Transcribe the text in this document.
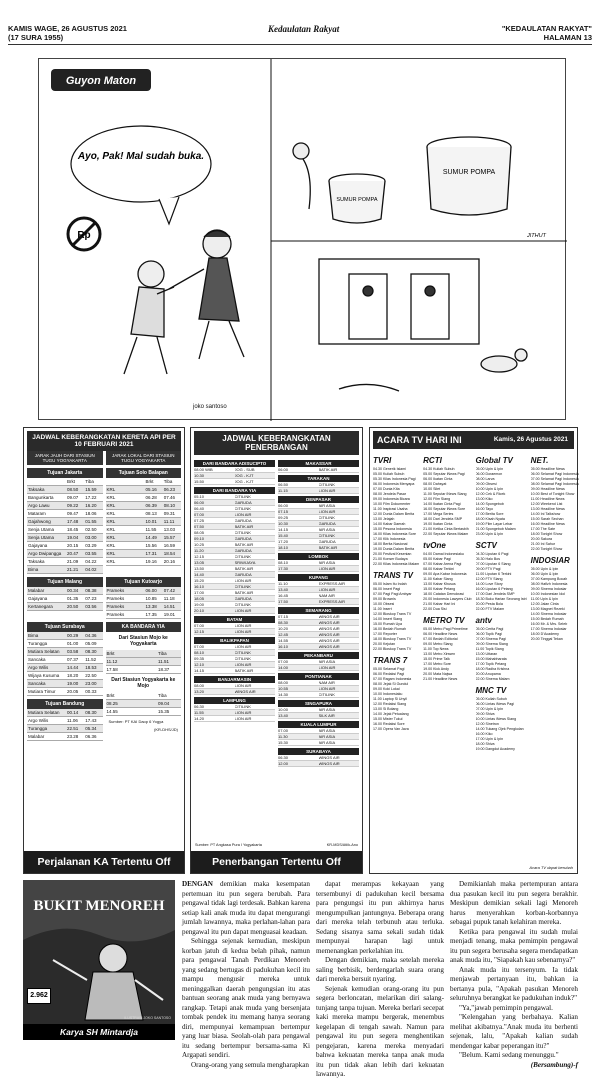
KAMIS WAGE, 26 AGUSTUS 2021
(17 SURA 1955)
Kedaulatan Rakyat	"KEDAULATAN RAKYAT"
HALAMAN 13
Guyon Maton
Ayo, Pak! Mal sudah buka.
Rp
SUMUR POMPA
SUMUR POMPA
JITHUT
joko santoso
JADWAL KEBERANGKATAN KERETA API PER 10 FEBRUARI 2021
JARAK JAUH DARI STASIUN TUGU YOGYAKARTA
JARAK LOKAL DARI STASIUN TUGU YOGYAKARTA
Tujuan Jakarta
Brkt	Tiba
Taksaka	08.50	15.59
Bangunkarta	09.07	17.22
Argo Lawu	09.22	16.20
Mataram	09.47	18.06
Gajahwong	17.48	01.55
Senja Utama	18.45	02.50
Senja Utama	19.04	03.00
Gajayana	20.15	03.29
Argo Dwipangga	20.47	03.55
Taksaka	21.09	04.22
Bima	21.21	04.02
Tujuan Solo Balapan
Brkt	Tiba
KRL	05.16	06.23
KRL	06.28	07.46
KRL	06.39	08.10
KRL	08.13	09.31
KRL	10.01	11.11
KRL	11.55	13.03
KRL	14.49	15.57
KRL	15.56	16.59
KRL	17.31	18.54
KRL	19.16	20.16
Tujuan Malang
Malabar	00.34	08.38
Gajayana	01.35	07.23
Kertanegara	20.50	03.56
Tujuan Kutoarjo
Prameks	06.00	07.42
Prameks	10.85	11.18
Prameks	13.38	14.51
Prameks	17.35	19.01
Tujuan Surabaya
Bima	00.29	04.36
Turangga	01.00	05.09
Mutiara Selatan	03.58	08.30
Sancaka	07.37	11.52
Argo Wilis	14.44	18.53
Wijaya Kusuma	18.20	22.50
Sancaka	19.00	23.00
Mutiara Timur	20.05	00.33
Tujuan Bandung
Mutiara Selatan	00.14	08.30
Argo Wilis	11.06	17.43
Turangga	22.51	05.34
Malabar	23.28	06.36
KA BANDARA YIA
Dari Stasiun Mojo ke Yogyakarta
Brkt	Tiba
11.12	11.51
17.58	18.37
Dari Stasiun Yogyakarta ke Mojo
Brkt	Tiba
08.25	09.04
14.55	15.35
Sumber: PT KAI Daop 6 Yogya
(KR-DHS/JD)
Perjalanan KA Tertentu Off
JADWAL KEBERANGKATAN PENERBANGAN
DARI BANDARA ADISUCIPTO
08.00 WIB	JOG - SUB
10.30	JOG - KJT
15.50	JOG - KJT
DARI BANDARA YIA
05.10	CITILINK
06.00	GARUDA
06.40	CITILINK
07.00	LION AIR
07.25	GARUDA
07.50	BATIK AIR
08.05	CITILINK
09.10	GARUDA
10.25	BATIK AIR
11.20	GARUDA
12.15	CITILINK
13.05	SRIWIJAYA
13.50	BATIK AIR
14.40	GARUDA
15.20	LION AIR
16.10	CITILINK
17.00	BATIK AIR
18.05	GARUDA
19.00	CITILINK
20.10	LION AIR
BATAM
07.00	LION AIR
12.15	LION AIR
BALIKPAPAN
07.00	LION AIR
08.10	CITILINK
09.35	CITILINK
12.10	LION AIR
14.15	BATIK AIR
BANJARMASIN
08.00	LION AIR
13.20	WINGS AIR
LAMPUNG
06.30	CITILINK
11.55	LION AIR
14.20	LION AIR
MAKASSAR
06.00	BATIK AIR
TARAKAN
06.50	CITILINK
11.15	LION AIR
DENPASAR
06.00	AIR ASIA
07.15	LION AIR
09.25	CITILINK
10.30	GARUDA
14.15	AIR ASIA
15.40	CITILINK
17.20	GARUDA
18.10	BATIK AIR
LOMBOK
08.10	AIR ASIA
17.30	LION AIR
KUPANG
11.10	EXPRESS AIR
13.40	LION AIR
16.45	NAM AIR
17.50	EXPRESS AIR
SEMARANG
07.15	WINGS AIR
08.30	WINGS AIR
10.20	WINGS AIR
12.45	WINGS AIR
14.55	WINGS AIR
16.10	WINGS AIR
PEKANBARU
07.00	AIR ASIA
14.00	LION AIR
PONTIANAK
08.00	NAM AIR
10.55	LION AIR
14.30	CITILINK
SINGAPURA
10.00	AIR ASIA
13.40	SILK AIR
KUALA LUMPUR
07.00	AIR ASIA
11.30	AIR ASIA
15.30	AIR ASIA
SURABAYA
06.30	WINGS AIR
12.00	WINGS AIR
Sumber: PT Angkasa Pura I Yogyakarta	KR-MDS/Atlik-Ano
Penerbangan Tertentu Off
ACARA TV HARI INI	Kamis, 26 Agustus 2021
TVRI
04.30 Generik Islami
05.00 Kuliah Subuh
05.30 Kilas Indonesia Pagi
06.00 Indonesia Menyapa
07.00 Dunia Kita
08.00 Jendela Pasar
09.00 Indonesia Bicara
10.00 Film Dokumenter
11.00 Inspirasi Usaha
12.00 Dunia Dalam Berita
13.00 Jelajah
14.00 Kabar Daerah
15.00 Pesona Indonesia
16.00 Kilas Indonesia Sore
17.00 Klik Indonesia
18.00 Berita Nasional
19.00 Dunia Dalam Berita
20.00 Festival Kesenian
21.00 Konser Budaya
22.00 Kilas Indonesia Malam
TRANS TV
05.00 Islam Itu Indah
06.00 Insert Pagi
07.00 Pagi Pagi Ambyar
09.00 Brownis
10.00 Obsesi
11.00 Insert
12.00 Bioskop Trans TV
14.00 Insert Siang
15.00 Rumah Uya
16.00 Bedah Rumah
17.00 Reporter
18.00 Bioskop Trans TV
20.00 Kejutan
22.00 Bioskop Trans TV
TRANS 7
05.00 Selamat Pagi
06.00 Redaksi Pagi
07.00 Ragam Indonesia
08.00 Jejak Si Gundul
09.00 Koki Lokal
10.00 Indonesiaku
11.00 Laptop Si Unyil
12.00 Redaksi Siang
13.00 Si Bolang
14.00 Jejak Petualang
15.00 Mister Tukul
16.00 Redaksi Sore
17.00 Opera Van Java
RCTI
04.30 Kuliah Subuh
05.00 Seputar iNews Pagi
06.00 Ikatan Cinta
08.00 Dahsyat
10.00 Silet
11.00 Seputar iNews Siang
12.00 Film Siang
14.00 Ikatan Cinta Pagi
16.00 Seputar iNews Sore
17.00 Mega Series
18.00 Dari Jendela SMP
19.00 Ikatan Cinta
21.00 Ketika Cinta Bertasbih
22.00 Seputar iNews Malam
tvOne
04.00 Damai Indonesiaku
05.00 Kabar Pagi
07.00 Kabar Arena Pagi
08.00 Kabar Terkini
09.00 Apa Kabar Indonesia
11.00 Kabar Siang
13.00 Kabar Khusus
15.00 Kabar Petang
18.00 Catatan Demokrasi
20.00 Indonesia Lawyers Club
21.00 Kabar Hari Ini
22.00 Dua Sisi
METRO TV
05.00 Metro Pagi Primetime
06.00 Headline News
07.00 Bedah Editorial
09.00 Metro Siang
11.00 Top News
13.00 Metro Xinwen
15.00 Prime Talk
17.00 Metro Sore
19.00 Kick Andy
20.00 Mata Najwa
21.00 Headline News
Global TV
05.00 Upin & Ipin
06.00 Doraemon
08.00 Larva
09.00 Obsesi
10.00 Upin & Ipin
12.00 Cek & Ricek
13.00 Kiko
14.00 Spongebob
16.00 Tayo
17.00 Berita Sore
18.00 Kisah Nyata
19.00 Film Layar Lebar
21.00 Spongebob Malam
23.00 Upin & Ipin
SCTV
04.30 Liputan 6 Pagi
05.30 Halo Bos
07.00 Liputan 6 Siang
09.00 FTV Pagi
11.00 Liputan 6 Terkini
12.00 FTV Siang
14.00 Love Story
16.00 Liputan 6 Petang
17.00 Dari Jendela SMP
18.30 Buku Harian Seorang Istri
20.00 Pesta Bola
22.00 FTV Malam
antv
05.00 Cerita Pagi
06.00 Topik Pagi
07.00 Sinema Pagi
09.00 Sinema Siang
11.00 Topik Siang
13.00 Uttaran
15.00 Mahabharata
17.00 Topik Petang
18.00 Radha Krishna
20.00 Anupama
22.00 Sinema Malam
MNC TV
05.00 Kuliah Subuh
06.00 Lintas iNews Pagi
07.00 Upin & Ipin
09.00 Shiva
10.00 Lintas iNews Siang
12.00 Sinetron
14.00 Tukang Ojek Pengkolan
16.00 Kiko
17.00 Upin & Ipin
18.00 Shiva
19.00 Dangdut Academy
NET.
05.00 Headline News
06.00 Selamat Pagi Indonesia
07.00 Selamat Pagi Indonesia
08.00 Selamat Pagi Indonesia
09.00 Headline News
10.00 Best of Tonight Show
11.00 Headline News
12.00 Weekend List
13.00 Headline News
14.00 Ini Talkshow
15.00 Sarah Sechan
16.00 Headline News
17.00 The Sate
18.00 Tonight Show
20.00 Sakura
21.00 Ini Sahur
22.00 Tonight Show
INDOSIAR
05.00 Upin & Ipin
06.00 Upin & Ipin
07.00 Kampung Bocah
08.00 Hafizh Indonesia
09.00 Sinema Indosiar
10.00 Indonesian Idol
11.00 Upin & Ipin
12.00 Jalan Cinta
13.00 Magnet Rezeki
14.00 Sinema Indosiar
15.00 Bedah Rumah
16.00 Mr. & Mrs. Seleb
17.00 Sinema Indosiar
18.00 D'Academy
20.00 Tinggal Tekan
Acara TV dapat berubah
BUKIT MENOREH
2.962
ILUSTRASI JOKO SANTOSO
Karya SH Mintardja

DENGAN demikian maka kesempatan pertemuan itu pun segera berubah. Para pengawal tidak lagi terdesak. Bahkan karena setiap kali anak muda itu dapat mengurangi jumlah lawannya, maka perlahan-lahan para pengawal itu pun dapat menguasai keadaan.

Sehingga sejenak kemudian, meskipun korban jatuh di kedua belah pihak, namun para pengawal Tanah Perdikan Menoreh yang sedang bertugas di padukuhan kecil itu mampu mengusir mereka untuk meninggalkan daerah pengungsian itu atas bantuan seorang anak muda yang bernyawa rangkap. Tetapi anak muda yang bersenjata tombak pendek itu memang hanya seorang diri, mempunyai kemampuan bertempur yang luar biasa. Seolah-olah para pengawal itu sedang bertempur bersama-sama Ki Argapati sendiri.

Orang-orang yang semula mengharapkan

dapat merampas kekayaan yang tersembunyi di padukuhan kecil bersama para pengungsi itu pun akhirnya harus mengumpulkan jantungnya. Beberapa orang dari mereka telah terbunuh atau terluka. Sedang sisanya sama sekali sudah tidak mempunyai harapan lagi untuk memenangkan perkelahian itu.

Dengan demikian, maka setelah mereka saling berbisik, berdengarlah suara orang dari mereka bersuit nyaring.

Sejenak kemudian orang-orang itu pun segera berloncatan, melarikan diri salang-tunjang tanpa tujuan. Mereka berlari secepat kaki mereka mampu bergerak, menembus kegelapan di tengah sawah. Namun para pengawal itu pun segera menghentikan pengejaran, karena mereka menyadari bahwa kekuatan mereka tanpa anak muda itu pun tidak akan lebih dari kekuatan lawannya.

Demikianlah maka pertempuran antara dua pasukan kecil itu pun segera berakhir. Meskipun demikian sekali lagi Menoreh harus menyerahkan korban-korbannya sebagai pupuk tanah kelahiran mereka.

Ketika para pengawal itu sudah mulai menjadi tenang, maka pemimpin pengawal itu pun segera berusaha segera mendapatkan anak muda itu, "Siapakah kau sebenarnya?"

Anak muda itu tersenyum. Ia tidak menjawab pertanyaan itu, bahkan ia bertanya pula, "Apakah pasukan Menoreh seluruhnya berangkat ke padukuhan induk?"

"Ya,"jawab pemimpin pengawal.

"Kelengahan yang berbahaya. Kalian melihat akibatnya."Anak muda itu berhenti sejenak, lalu, "Apakah kalian sudah mendengar kabar peperangan itu?"

"Belum. Kami sedang menunggu."

(Bersambung)-f
